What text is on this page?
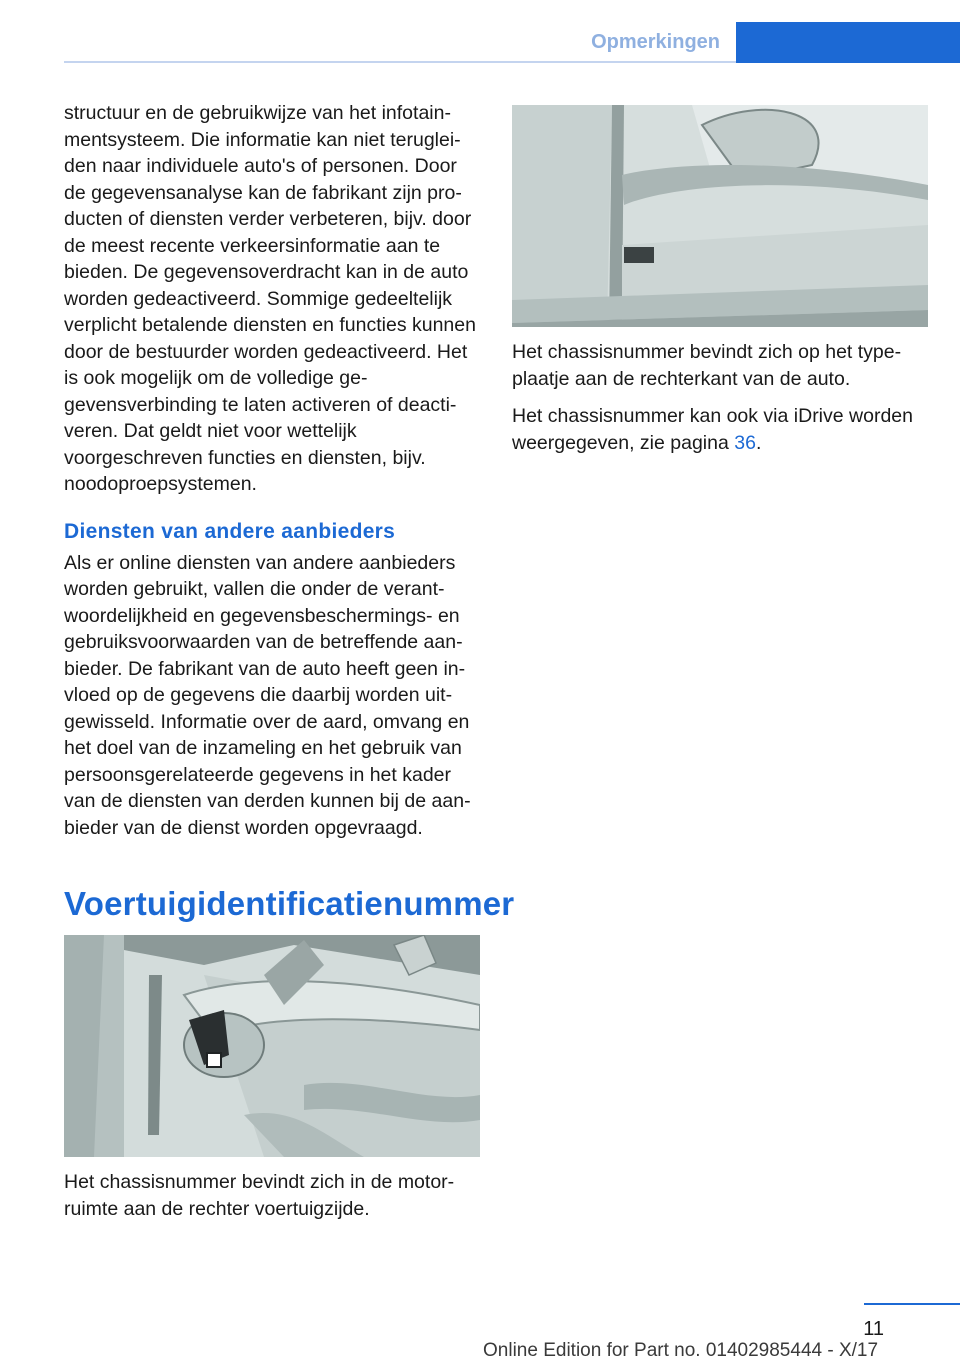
Opmerkingen

structuur en de gebruikwijze van het infotainmentsysteem. Die informatie kan niet terugleiden naar individuele auto's of personen. Door de gegevensanalyse kan de fabrikant zijn producten of diensten verder verbeteren, bijv. door de meest recente verkeersinformatie aan te bieden. De gegevensoverdracht kan in de auto worden gedeactiveerd. Sommige gedeeltelijk verplicht betalende diensten en functies kunnen door de bestuurder worden gedeactiveerd. Het is ook mogelijk om de volledige gegevensverbinding te laten activeren of deactiveren. Dat geldt niet voor wettelijk voorgeschreven functies en diensten, bijv. noodoproepsystemen.

Diensten van andere aanbieders

Als er online diensten van andere aanbieders worden gebruikt, vallen die onder de verantwoordelijkheid en gegevensbeschermings- en gebruiksvoorwaarden van de betreffende aanbieder. De fabrikant van de auto heeft geen invloed op de gegevens die daarbij worden uitgewisseld. Informatie over de aard, omvang en het doel van de inzameling en het gebruik van persoonsgerelateerde gegevens in het kader van de diensten van derden kunnen bij de aanbieder van de dienst worden opgevraagd.

Voertuigidentificatienummer

Het chassisnummer bevindt zich in de motorruimte aan de rechter voertuigzijde.

Het chassisnummer bevindt zich op het typeplaatje aan de rechterkant van de auto.

Het chassisnummer kan ook via iDrive worden weergegeven, zie pagina 36.

11
Online Edition for Part no. 01402985444 - X/17
